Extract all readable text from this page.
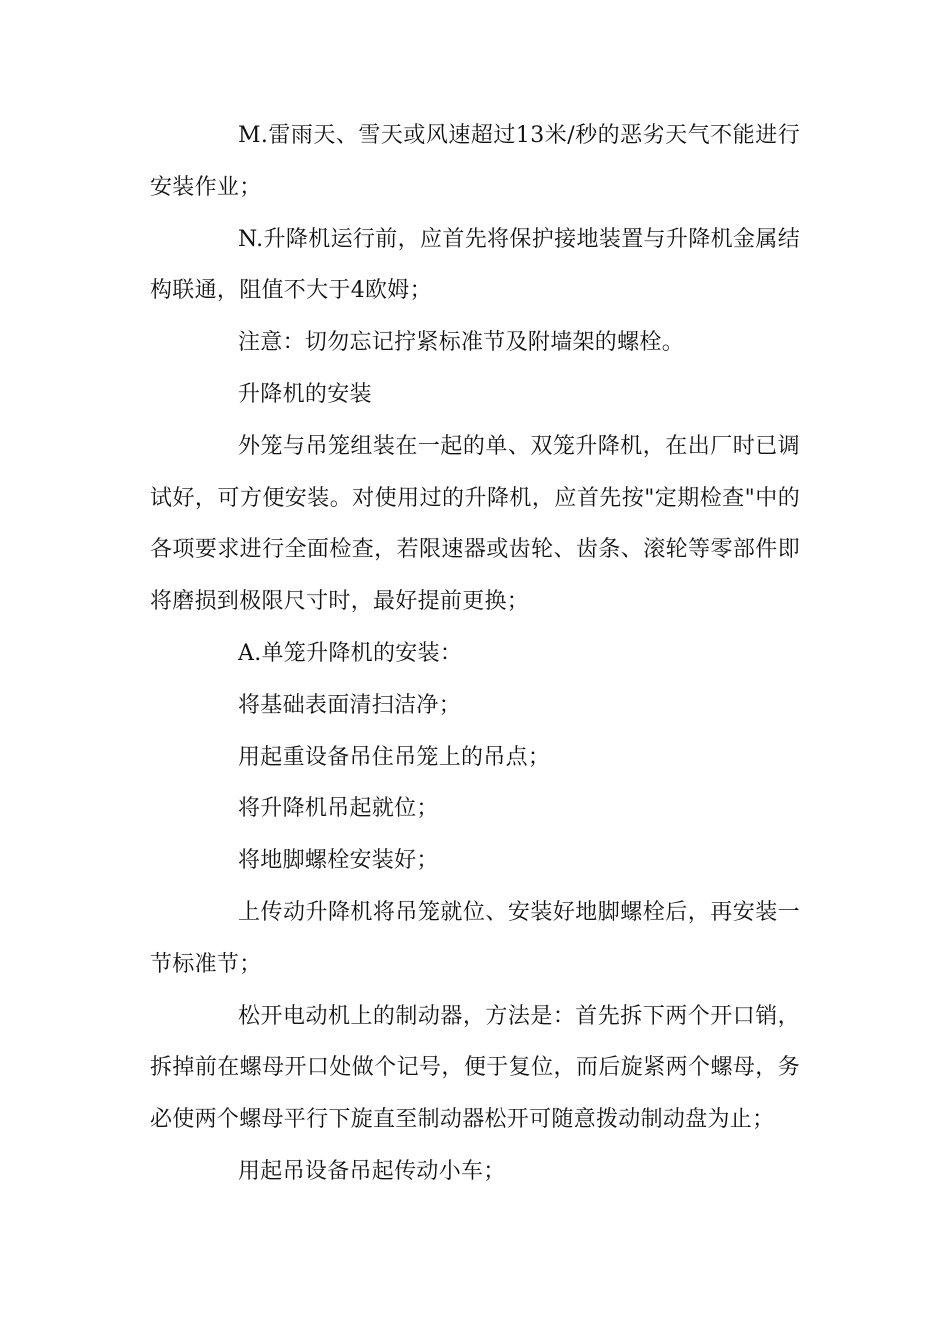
M.雷雨天、雪天或风速超过13米/秒的恶劣天气不能进行安装作业；

N.升降机运行前，应首先将保护接地装置与升降机金属结构联通，阻值不大于4欧姆；

注意：切勿忘记拧紧标准节及附墙架的螺栓。

升降机的安装

外笼与吊笼组装在一起的单、双笼升降机，在出厂时已调试好，可方便安装。对使用过的升降机，应首先按"定期检查"中的各项要求进行全面检查，若限速器或齿轮、齿条、滚轮等零部件即将磨损到极限尺寸时，最好提前更换；

A.单笼升降机的安装：

将基础表面清扫洁净；

用起重设备吊住吊笼上的吊点；

将升降机吊起就位；

将地脚螺栓安装好；

上传动升降机将吊笼就位、安装好地脚螺栓后，再安装一节标准节；

松开电动机上的制动器，方法是：首先拆下两个开口销，拆掉前在螺母开口处做个记号，便于复位，而后旋紧两个螺母，务必使两个螺母平行下旋直至制动器松开可随意拨动制动盘为止；

用起吊设备吊起传动小车；
